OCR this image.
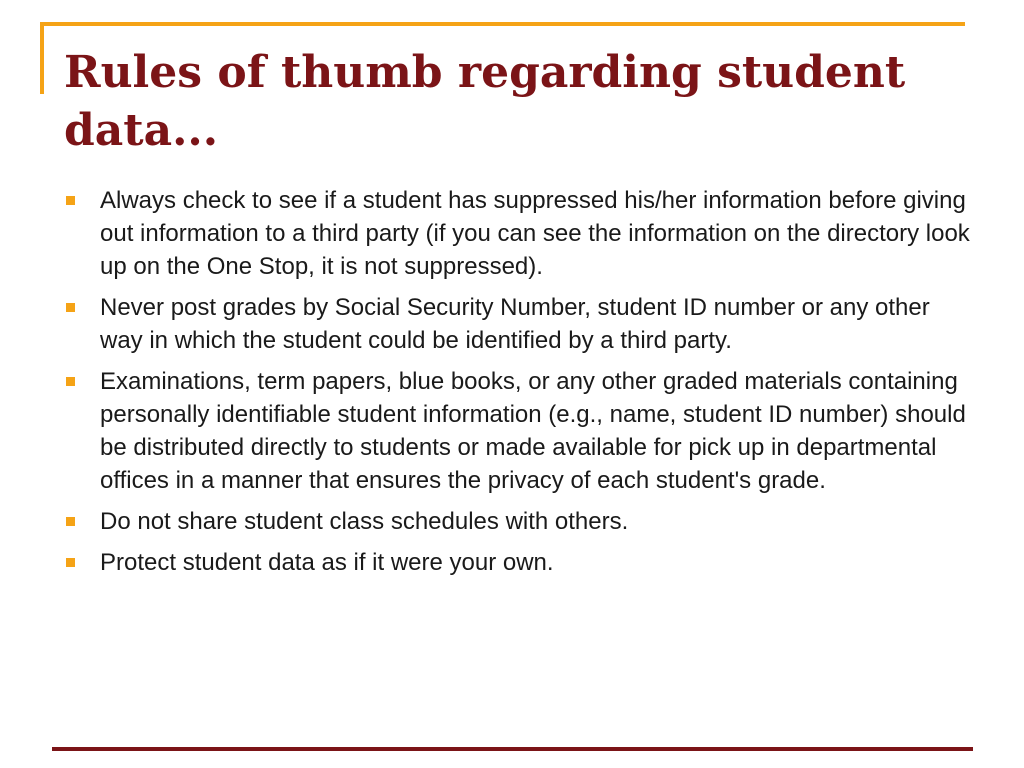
Rules of thumb regarding student data...
Always check to see if a student has suppressed his/her information before giving out information to a third party (if you can see the information on the directory look up on the One Stop, it is not suppressed).
Never post grades by Social Security Number, student ID number or any other way in which the student could be identified by a third party.
Examinations, term papers, blue books, or any other graded materials containing personally identifiable student information (e.g., name, student ID number) should be distributed directly to students or made available for pick up in departmental offices in a manner that ensures the privacy of each student's grade.
Do not share student class schedules with others.
Protect student data as if it were your own.
